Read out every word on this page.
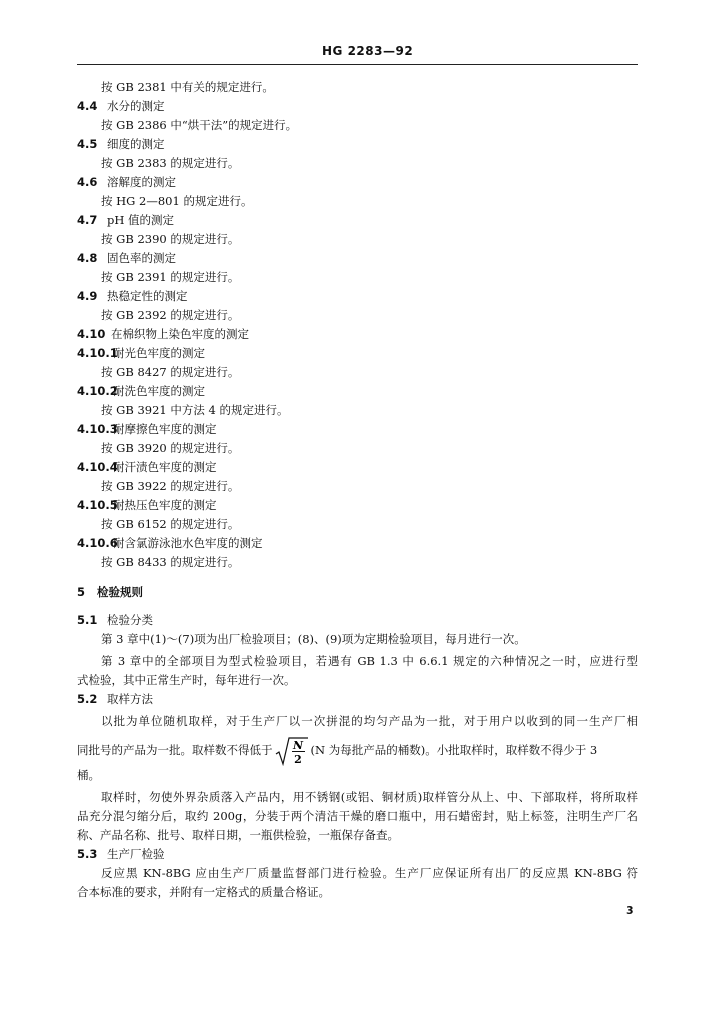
HG 2283—92
按 GB 2381 中有关的规定进行。
4.4 水分的测定
按 GB 2386 中“烘干法”的规定进行。
4.5 细度的测定
按 GB 2383 的规定进行。
4.6 溶解度的测定
按 HG 2—801 的规定进行。
4.7 pH 值的测定
按 GB 2390 的规定进行。
4.8 固色率的测定
按 GB 2391 的规定进行。
4.9 热稳定性的测定
按 GB 2392 的规定进行。
4.10 在棉织物上染色牢度的测定
4.10.1耐光色牢度的测定
按 GB 8427 的规定进行。
4.10.2耐洗色牢度的测定
按 GB 3921 中方法 4 的规定进行。
4.10.3耐摩擦色牢度的测定
按 GB 3920 的规定进行。
4.10.4耐汗渍色牢度的测定
按 GB 3922 的规定进行。
4.10.5耐热压色牢度的测定
按 GB 6152 的规定进行。
4.10.6耐含氯游泳池水色牢度的测定
按 GB 8433 的规定进行。
5 检验规则
5.1 检验分类
第 3 章中(1)～(7)项为出厂检验项目；(8)、(9)项为定期检验项目，每月进行一次。
第 3 章中的全部项目为型式检验项目，若遇有 GB 1.3 中 6.6.1 规定的六种情况之一时，应进行型
式检验，其中正常生产时，每年进行一次。
5.2 取样方法
以批为单位随机取样，对于生产厂以一次拼混的均匀产品为一批，对于用户以收到的同一生产厂相
同批号的产品为一批。取样数不得低于 N
2
(N 为每批产品的桶数)。小批取样时，取样数不得少于 3
桶。
取样时，勿使外界杂质落入产品内，用不锈钢(或铝、铜材质)取样管分从上、中、下部取样，将所取样
品充分混匀缩分后，取约 200g，分装于两个清洁干燥的磨口瓶中，用石蜡密封，贴上标签，注明生产厂名
称、产品名称、批号、取样日期，一瓶供检验，一瓶保存备查。
5.3 生产厂检验
反应黑 KN-8BG 应由生产厂质量监督部门进行检验。生产厂应保证所有出厂的反应黑 KN-8BG 符
合本标准的要求，并附有一定格式的质量合格证。
3
